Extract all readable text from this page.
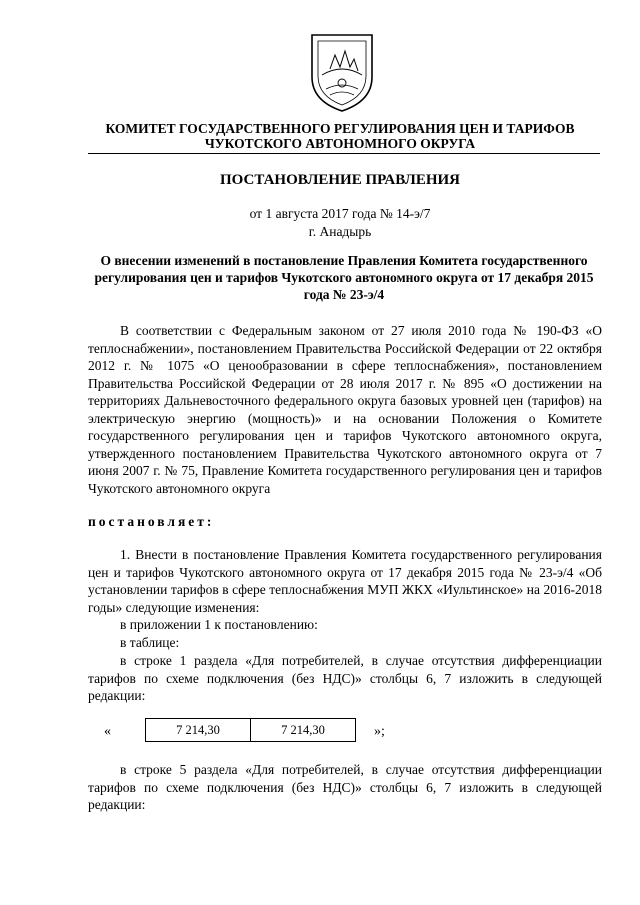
КОМИТЕТ ГОСУДАРСТВЕННОГО РЕГУЛИРОВАНИЯ ЦЕН И ТАРИФОВ
ЧУКОТСКОГО АВТОНОМНОГО ОКРУГА
ПОСТАНОВЛЕНИЕ ПРАВЛЕНИЯ
от 1 августа 2017 года № 14-э/7
г. Анадырь
О внесении изменений в постановление Правления Комитета государственного регулирования цен и тарифов Чукотского автономного округа от 17 декабря 2015 года № 23-э/4
В соответствии с Федеральным законом от 27 июля 2010 года № 190-ФЗ «О теплоснабжении», постановлением Правительства Российской Федерации от 22 октября 2012 г. № 1075 «О ценообразовании в сфере теплоснабжения», постановлением Правительства Российской Федерации от 28 июля 2017 г. № 895 «О достижении на территориях Дальневосточного федерального округа базовых уровней цен (тарифов) на электрическую энергию (мощность)» и на основании Положения о Комитете государственного регулирования цен и тарифов Чукотского автономного округа, утвержденного постановлением Правительства Чукотского автономного округа от 7 июня 2007 г. № 75, Правление Комитета государственного регулирования цен и тарифов Чукотского автономного округа
постановляет:
1. Внести в постановление Правления Комитета государственного регулирования цен и тарифов Чукотского автономного округа от 17 декабря 2015 года № 23-э/4 «Об установлении тарифов в сфере теплоснабжения МУП ЖКХ «Иультинское» на 2016-2018 годы» следующие изменения:
в приложении 1 к постановлению:
в таблице:
в строке 1 раздела «Для потребителей, в случае отсутствия дифференциации тарифов по схеме подключения (без НДС)» столбцы 6, 7 изложить в следующей редакции:
«	7 214,30	7 214,30	»;
в строке 5 раздела «Для потребителей, в случае отсутствия дифференциации тарифов по схеме подключения (без НДС)» столбцы 6, 7 изложить в следующей редакции:
